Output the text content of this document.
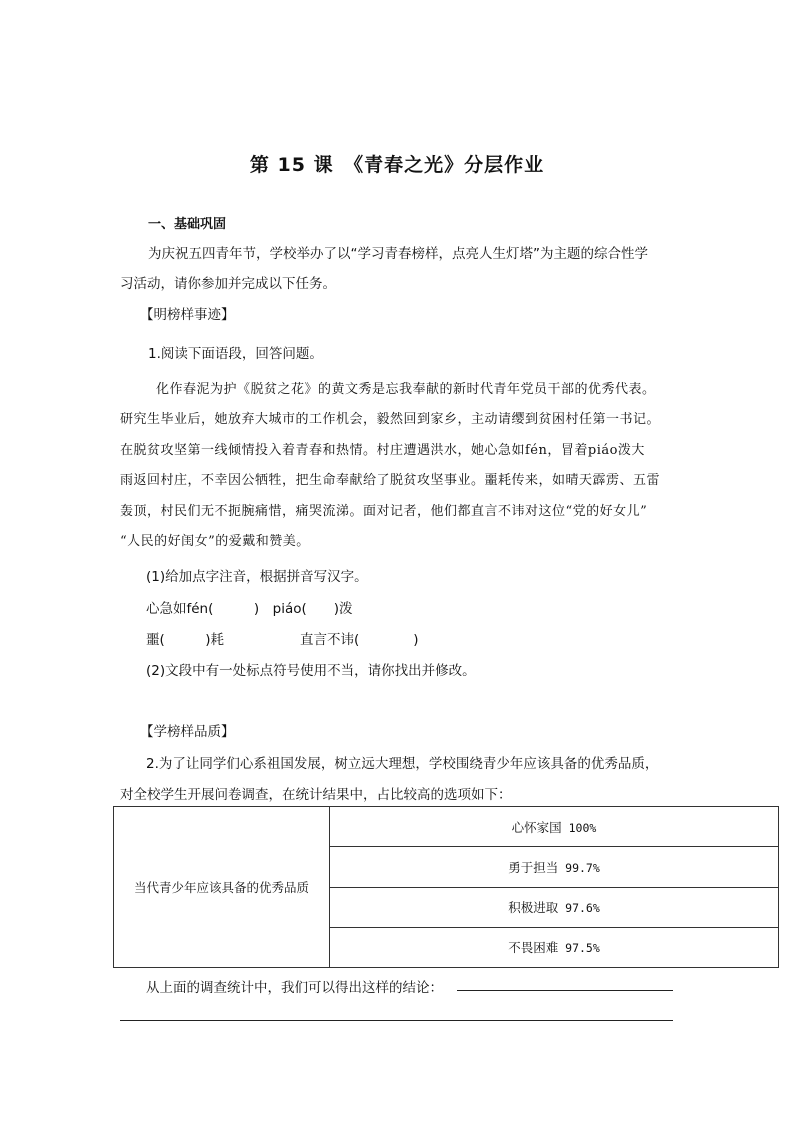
第 15 课　《青春之光》分层作业
一、基础巩固
为庆祝五四青年节，学校举办了以“学习青春榜样，点亮人生灯塔”为主题的综合性学
习活动，请你参加并完成以下任务。
【明榜样事迹】
1.阅读下面语段，回答问题。
化作春泥为护《脱贫之花》的黄文秀是忘我奉献的新时代青年党员干部的优秀代表。
研究生毕业后，她放弃大城市的工作机会，毅然回到家乡，主动请缨到贫困村任第一书记。
在脱贫攻坚第一线倾情投入着青春和热情。村庄遭遇洪水，她心急如fén，冒着piáo泼大
雨返回村庄，不幸因公牺牲，把生命奉献给了脱贫攻坚事业。噩耗传来，如晴天霹雳、五雷
轰顶，村民们无不扼腕痛惜，痛哭流涕。面对记者，他们都直言不讳对这位“党的好女儿”
“人民的好闺女”的爱戴和赞美。
(1)给加点字注音，根据拼音写汉字。
心急如fén(　　　)　piáo(　　)泼
噩(　　　)耗	直言不讳(　　　　)
(2)文段中有一处标点符号使用不当，请你找出并修改。
【学榜样品质】
2.为了让同学们心系祖国发展，树立远大理想，学校围绕青少年应该具备的优秀品质，
对全校学生开展问卷调查，在统计结果中，占比较高的选项如下：
当代青少年应该具备的优秀品质	心怀家国 100%
勇于担当 99.7%
积极进取 97.6%
不畏困难 97.5%
从上面的调查统计中，我们可以得出这样的结论：
